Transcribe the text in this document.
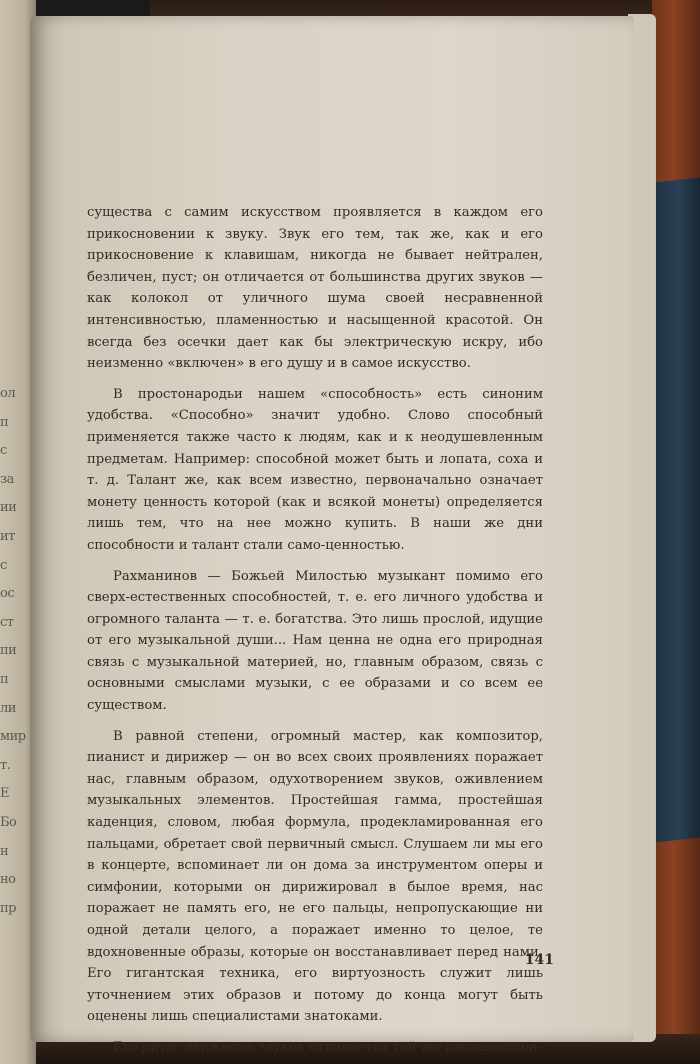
ол
п
с
за
ии
ит
с
ос
ст
пи
п
ли
мир
т.
Е
Бо
н
но
пр

существа с самим искусством проявляется в каждом его прикосновении к звуку. Звук его тем, так же, как и его прикосновение к клавишам, никогда не бывает нейтрален, безличен, пуст; он отличается от большинства других звуков — как колокол от уличного шума своей несравненной интенсивностью, пламенностью и насыщенной красотой. Он всегда без осечки дает как бы электрическую искру, ибо неизменно «включен» в его душу и в самое искусство.

В простонародьи нашем «способность» есть синоним удобства. «Способно» значит удобно. Слово способный применяется также часто к людям, как и к неодушевленным предметам. Например: способной может быть и лопата, соха и т. д. Талант же, как всем известно, первоначально означает монету ценность которой (как и всякой монеты) определяется лишь тем, что на нее можно купить. В наши же дни способности и талант стали само-ценностью.

Рахманинов — Божьей Милостью музыкант помимо его сверх-естественных способностей, т. е. его личного удобства и огромного таланта — т. е. богатства. Это лишь прослой, идущие от его музыкальной души... Нам ценна не одна его природная связь с музыкальной материей, но, главным образом, связь с основными смыслами музыки, с ее образами и со всем ее существом.

В равной степени, огромный мастер, как композитор, пианист и дирижер — он во всех своих проявлениях поражает нас, главным образом, одухотворением звуков, оживлением музыкальных элементов. Простейшая гамма, простейшая каденция, словом, любая формула, продекламированная его пальцами, обретает свой первичный смысл. Слушаем ли мы его в концерте, вспоминает ли он дома за инструментом оперы и симфонии, которыми он дирижировал в былое время, нас поражает не память его, не его пальцы, непропускающие ни одной детали целого, а поражает именно то целое, те вдохновенные образы, которые он восстанавливает перед нами. Его гигантская техника, его виртуозность служит лишь уточнением этих образов и потому до конца могут быть оценены лишь специалистами знатоками.

Его ритм, движение звуков отличается той же декламацион-

141
